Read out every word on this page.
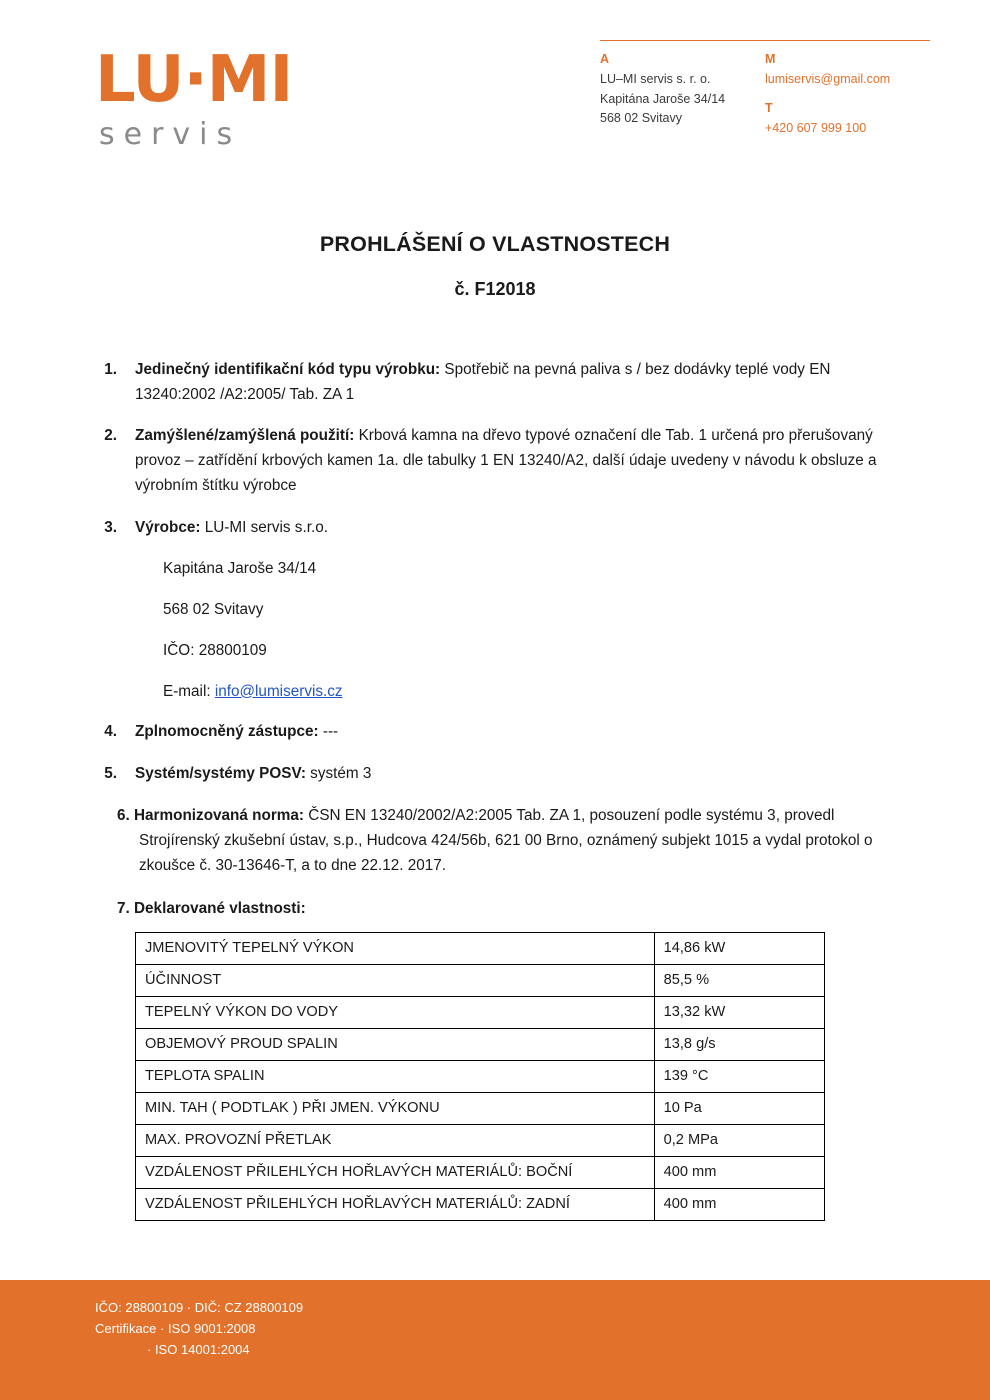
LU·MI
servis
A
LU–MI servis s. r. o.
Kapitána Jaroše 34/14
568 02 Svitavy
M
lumiservis@gmail.com
T
+420 607 999 100
PROHLÁŠENÍ O VLASTNOSTECH
č. F12018
1.	Jedinečný identifikační kód typu výrobku: Spotřebič na pevná paliva s / bez dodávky teplé vody EN 13240:2002 /A2:2005/ Tab. ZA 1
2.	Zamýšlené/zamýšlená použití: Krbová kamna na dřevo typové označení dle Tab. 1 určená pro přerušovaný provoz – zatřídění krbových kamen 1a. dle tabulky 1 EN 13240/A2, další údaje uvedeny v návodu k obsluze a výrobním štítku výrobce
3.	Výrobce: LU-MI servis s.r.o.
Kapitána Jaroše 34/14
568 02 Svitavy
IČO: 28800109
E-mail: info@lumiservis.cz
4.	Zplnomocněný zástupce: ---
5.	Systém/systémy POSV: systém 3

6. Harmonizovaná norma: ČSN EN 13240/2002/A2:2005 Tab. ZA 1, posouzení podle systému 3, provedl Strojírenský zkušební ústav, s.p., Hudcova 424/56b, 621 00 Brno, oznámený subjekt 1015 a vydal protokol o zkoušce č. 30-13646-T, a to dne 22.12. 2017.

7. Deklarované vlastnosti:

JMENOVITÝ TEPELNÝ VÝKON	14,86 kW
ÚČINNOST	85,5 %
TEPELNÝ VÝKON DO VODY	13,32 kW
OBJEMOVÝ PROUD SPALIN	13,8 g/s
TEPLOTA SPALIN	139 °C
MIN. TAH ( PODTLAK ) PŘI JMEN. VÝKONU	10 Pa
MAX. PROVOZNÍ PŘETLAK	0,2 MPa
VZDÁLENOST PŘILEHLÝCH HOŘLAVÝCH MATERIÁLŮ: BOČNÍ	400 mm
VZDÁLENOST PŘILEHLÝCH HOŘLAVÝCH MATERIÁLŮ: ZADNÍ	400 mm
IČO: 28800109 · DIČ: CZ 28800109
Certifikace · ISO 9001:2008
· ISO 14001:2004
